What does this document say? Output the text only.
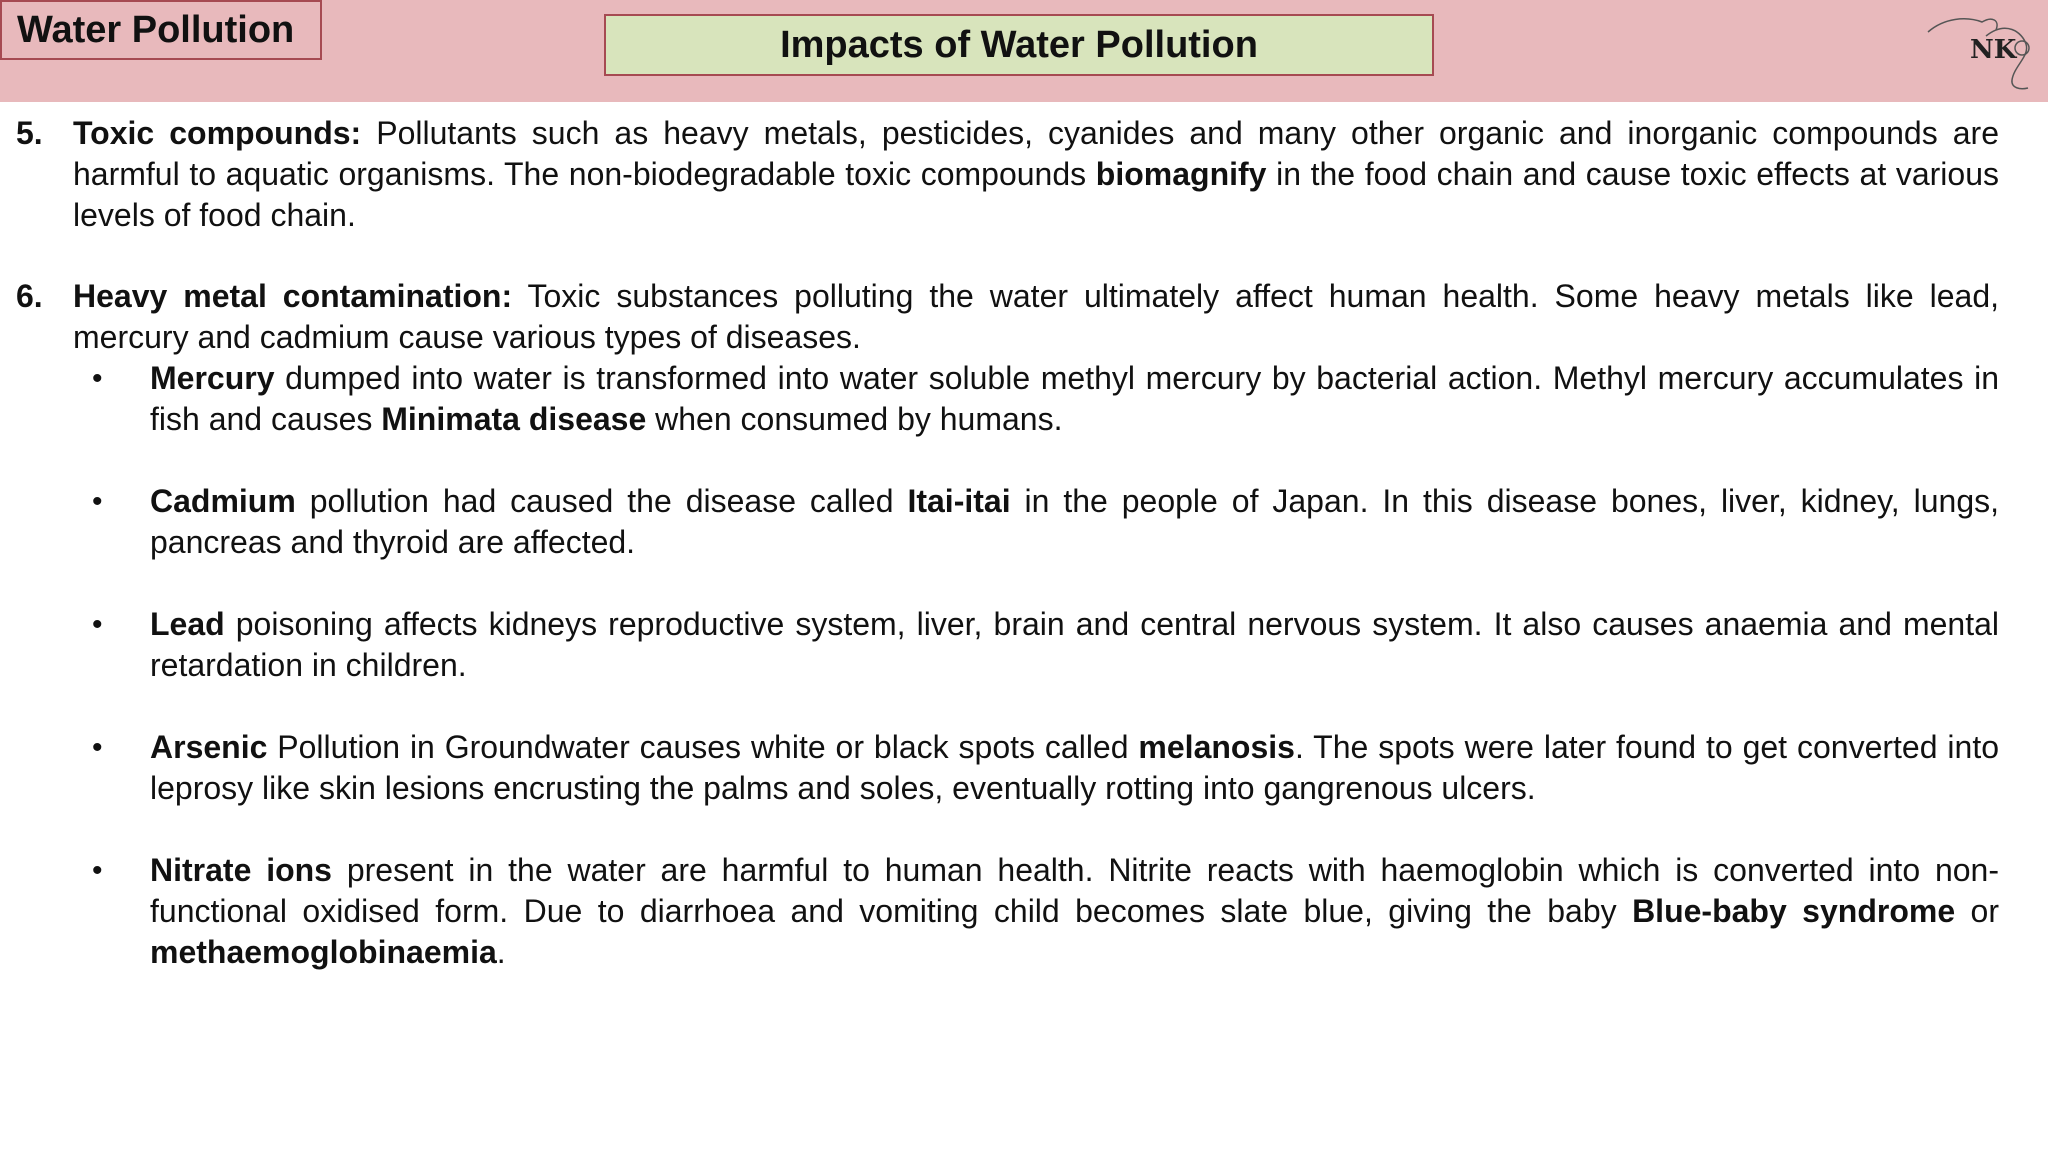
Water Pollution	Impacts of Water Pollution	NK
5. Toxic compounds: Pollutants such as heavy metals, pesticides, cyanides and many other organic and inorganic compounds are harmful to aquatic organisms. The non-biodegradable toxic compounds biomagnify in the food chain and cause toxic effects at various levels of food chain.
6. Heavy metal contamination: Toxic substances polluting the water ultimately affect human health. Some heavy metals like lead, mercury and cadmium cause various types of diseases.
• Mercury dumped into water is transformed into water soluble methyl mercury by bacterial action. Methyl mercury accumulates in fish and causes Minimata disease when consumed by humans.
• Cadmium pollution had caused the disease called Itai-itai in the people of Japan. In this disease bones, liver, kidney, lungs, pancreas and thyroid are affected.
• Lead poisoning affects kidneys reproductive system, liver, brain and central nervous system. It also causes anaemia and mental retardation in children.
• Arsenic Pollution in Groundwater causes white or black spots called melanosis. The spots were later found to get converted into leprosy like skin lesions encrusting the palms and soles, eventually rotting into gangrenous ulcers.
• Nitrate ions present in the water are harmful to human health. Nitrite reacts with haemoglobin which is converted into non-functional oxidised form. Due to diarrhoea and vomiting child becomes slate blue, giving the baby Blue-baby syndrome or methaemoglobinaemia.
